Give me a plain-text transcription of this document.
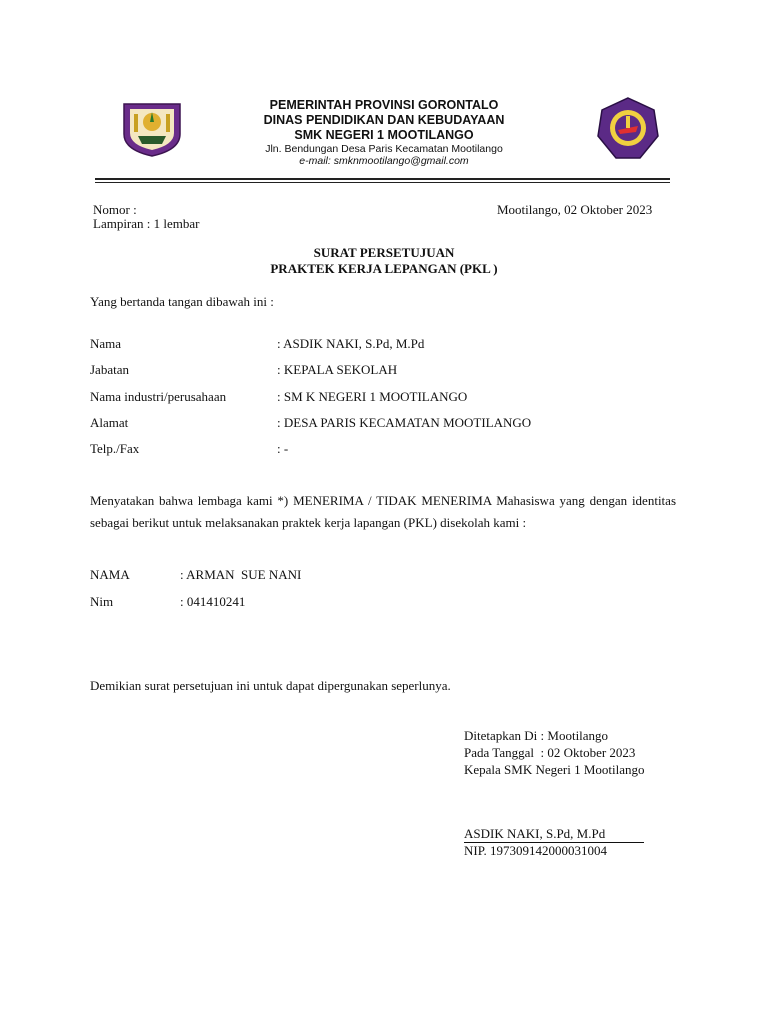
PEMERINTAH PROVINSI GORONTALO
DINAS PENDIDIKAN DAN KEBUDAYAAN
SMK NEGERI 1 MOOTILANGO
Jln. Bendungan Desa Paris Kecamatan Mootilango
e-mail: smknmootilango@gmail.com
Nomor :
Lampiran : 1 lembar
Mootilango, 02 Oktober 2023
SURAT PERSETUJUAN
PRAKTEK KERJA LEPANGAN (PKL )
Yang bertanda tangan dibawah ini :
Nama	: ASDIK NAKI, S.Pd, M.Pd
Jabatan	: KEPALA SEKOLAH
Nama industri/perusahaan	: SM K NEGERI 1 MOOTILANGO
Alamat	: DESA PARIS KECAMATAN MOOTILANGO
Telp./Fax	: -
Menyatakan bahwa lembaga kami *) MENERIMA / TIDAK MENERIMA Mahasiswa yang dengan identitas sebagai berikut untuk melaksanakan praktek kerja lapangan (PKL) disekolah kami :
NAMA	: ARMAN  SUE NANI
Nim	: 041410241
Demikian surat persetujuan ini untuk dapat dipergunakan seperlunya.
Ditetapkan Di : Mootilango
Pada Tanggal  : 02 Oktober 2023
Kepala SMK Negeri 1 Mootilango
ASDIK NAKI, S.Pd, M.Pd
NIP. 197309142000031004
